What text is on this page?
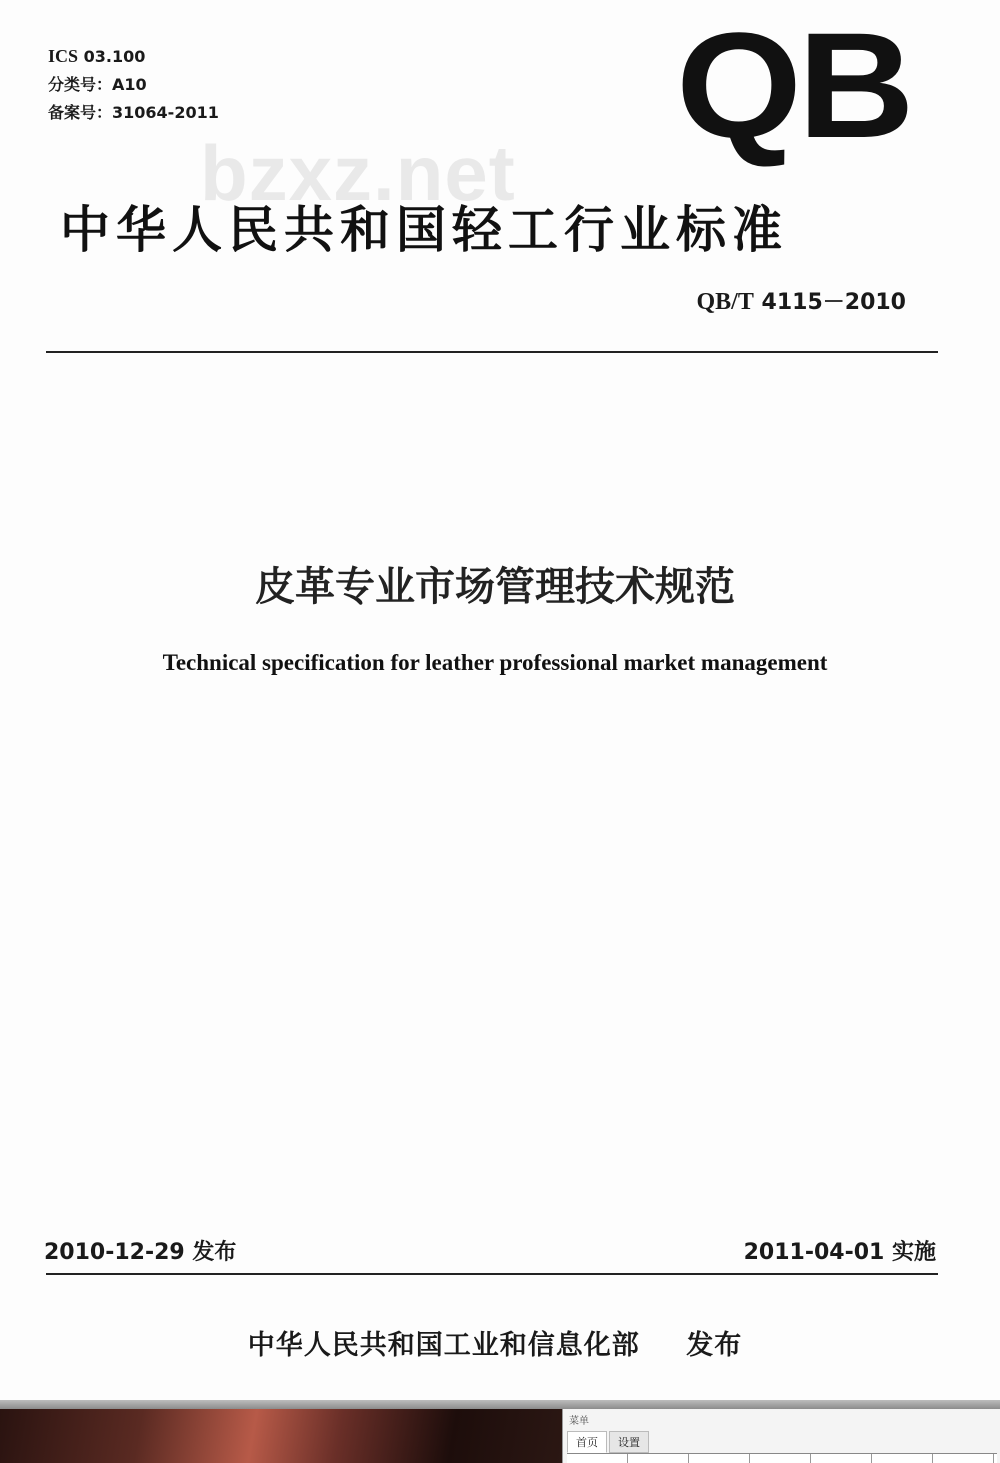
ICS 03.100
分类号：A10
备案号：31064-2011	QB
bzxz.net
中华人民共和国轻工行业标准
QB/T 4115－2010
皮革专业市场管理技术规范
Technical specification for leather professional market management
2010-12-29 发布	2011-04-01 实施
中华人民共和国工业和信息化部 发布
菜单
首页	设置
